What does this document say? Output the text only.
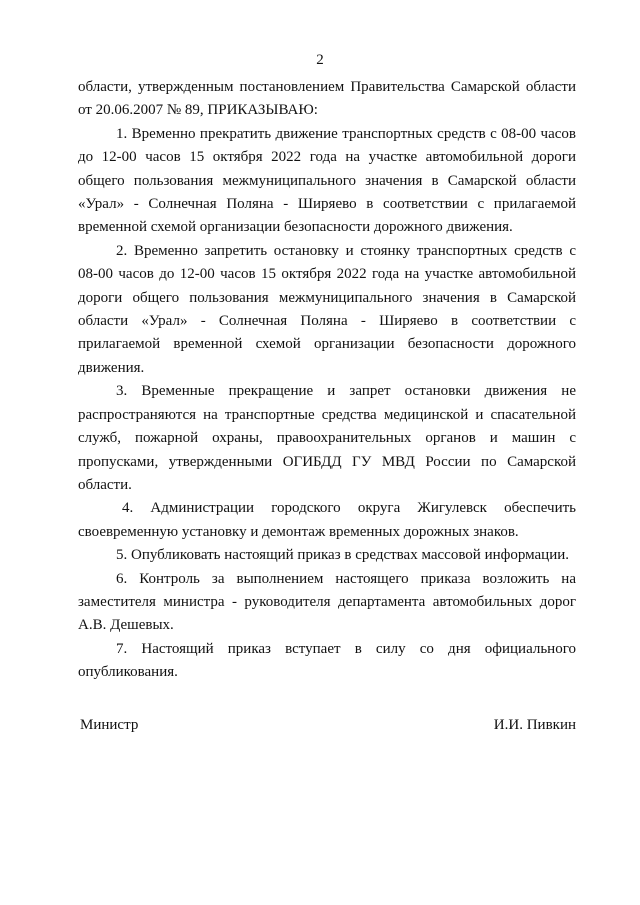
2

области, утвержденным постановлением Правительства Самарской области от 20.06.2007 № 89, ПРИКАЗЫВАЮ:

1. Временно прекратить движение транспортных средств с 08-00 часов до 12-00 часов 15 октября 2022 года на участке автомобильной дороги общего пользования межмуниципального значения в Самарской области «Урал» - Солнечная Поляна - Ширяево в соответствии с прилагаемой временной схемой организации безопасности дорожного движения.

2. Временно запретить остановку и стоянку транспортных средств с 08-00 часов до 12-00 часов 15 октября 2022 года на участке автомобильной дороги общего пользования межмуниципального значения в Самарской области «Урал» - Солнечная Поляна - Ширяево в соответствии с прилагаемой временной схемой организации безопасности дорожного движения.

3. Временные прекращение и запрет остановки движения не распространяются на транспортные средства медицинской и спасательной служб, пожарной охраны, правоохранительных органов и машин с пропусками, утвержденными ОГИБДД ГУ МВД России по Самарской области.

4. Администрации городского округа Жигулевск обеспечить своевременную установку и демонтаж временных дорожных знаков.

5. Опубликовать настоящий приказ в средствах массовой информации.

6. Контроль за выполнением настоящего приказа возложить на заместителя министра - руководителя департамента автомобильных дорог А.В. Дешевых.

7. Настоящий приказ вступает в силу со дня официального опубликования.

Министр	И.И. Пивкин
